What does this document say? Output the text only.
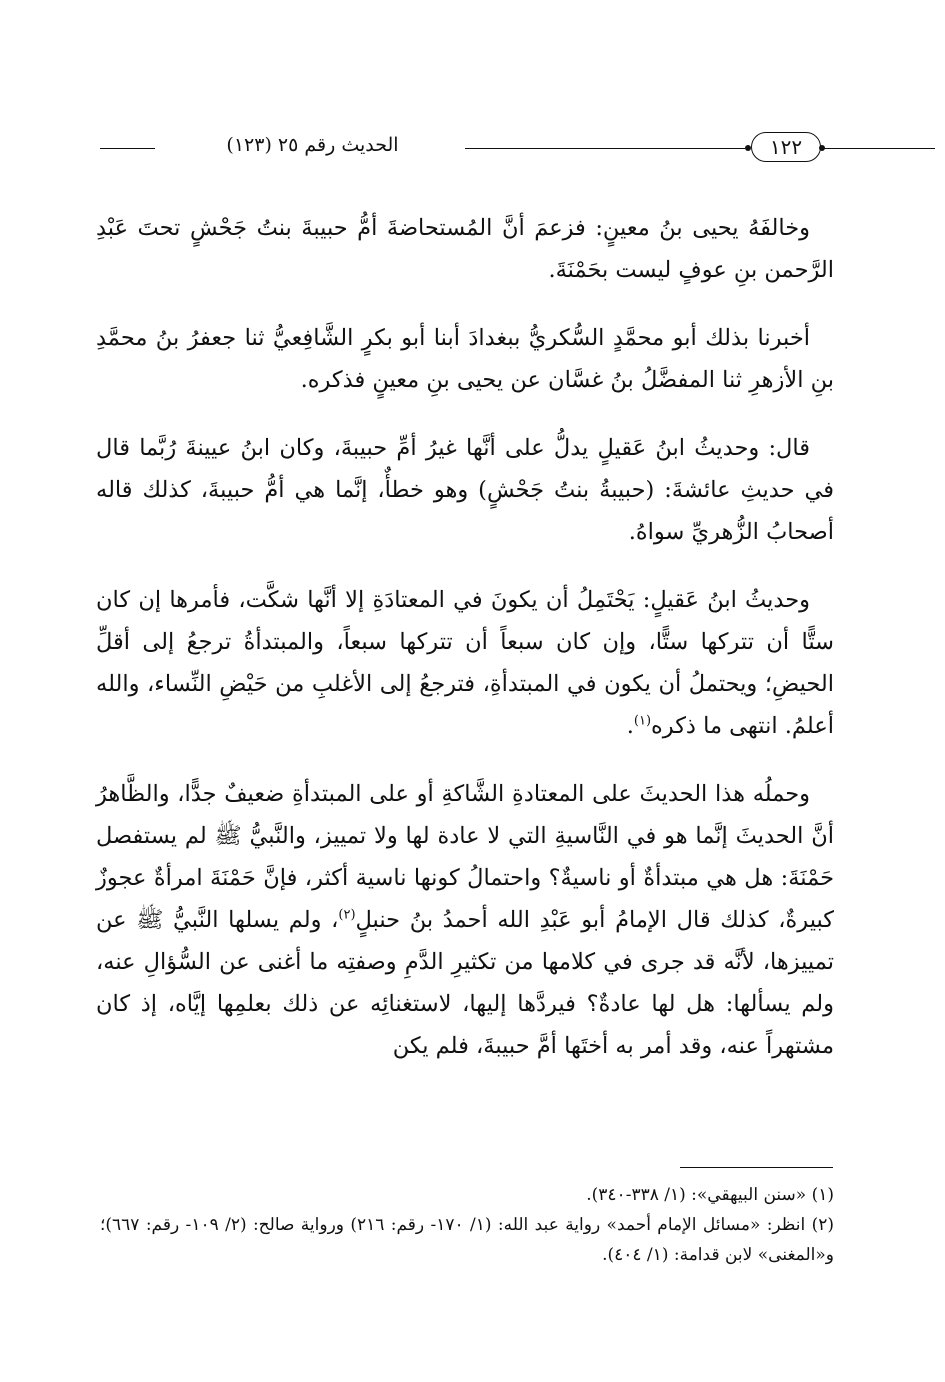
الحديث رقم ٢٥ (١٢٣)	١٢٢

وخالفَهُ يحيى بنُ معينٍ: فزعمَ أنَّ المُستحاضةَ أمُّ حبيبةَ بنتُ جَحْشٍ تحتَ عَبْدِ الرَّحمن بنِ عوفٍ ليست بحَمْنَةَ.

أخبرنا بذلك أبو محمَّدٍ السُّكريُّ ببغدادَ أبنا أبو بكرٍ الشَّافِعيُّ ثنا جعفرُ بنُ محمَّدِ بنِ الأزهرِ ثنا المفضَّلُ بنُ غسَّان عن يحيى بنِ معينٍ فذكره.

قال: وحديثُ ابنُ عَقيلٍ يدلُّ على أنَّها غيرُ أمِّ حبيبةَ، وكان ابنُ عيينةَ رُبَّما قال في حديثِ عائشةَ: (حبيبةُ بنتُ جَحْشٍ) وهو خطأٌ، إنَّما هي أمُّ حبيبةَ، كذلك قاله أصحابُ الزُّهريِّ سواهُ.

وحديثُ ابنُ عَقيلٍ: يَحْتَمِلُ أن يكونَ في المعتادَةِ إلا أنَّها شكَّت، فأمرها إن كان ستًّا أن تتركها ستًّا، وإن كان سبعاً أن تتركها سبعاً، والمبتدأةُ ترجعُ إلى أقلِّ الحيضِ؛ ويحتملُ أن يكون في المبتدأةِ، فترجعُ إلى الأغلبِ من حَيْضِ النِّساء، والله أعلمُ. انتهى ما ذكره$^{(١)}$.

وحملُه هذا الحديثَ على المعتادةِ الشَّاكةِ أو على المبتدأةِ ضعيفٌ جدًّا، والظَّاهرُ أنَّ الحديثَ إنَّما هو في النَّاسيةِ التي لا عادة لها ولا تمييز، والنَّبيُّ ﷺ لم يستفصل حَمْنَةَ: هل هي مبتدأةٌ أو ناسيةٌ؟ واحتمالُ كونها ناسية أكثر، فإنَّ حَمْنَةَ امرأةٌ عجوزٌ كبيرةٌ، كذلك قال الإمامُ أبو عَبْدِ الله أحمدُ بنُ حنبلٍ$^{(٢)}$، ولم يسلها النَّبيُّ ﷺ عن تمييزها، لأنَّه قد جرى في كلامها من تكثيرِ الدَّمِ وصفتِه ما أغنى عن السُّؤالِ عنه، ولم يسألها: هل لها عادةٌ؟ فيردَّها إليها، لاستغنائِه عن ذلك بعلمِها إيَّاه، إذ كان مشتهراً عنه، وقد أمر به أختَها أمَّ حبيبةَ، فلم يكن

(١) «سنن البيهقي»: (١/ ٣٣٨-٣٤٠).
(٢) انظر: «مسائل الإمام أحمد» رواية عبد الله: (١/ ١٧٠- رقم: ٢١٦) ورواية صالح: (٢/ ١٠٩- رقم: ٦٦٧)؛ و«المغنى» لابن قدامة: (١/ ٤٠٤).
